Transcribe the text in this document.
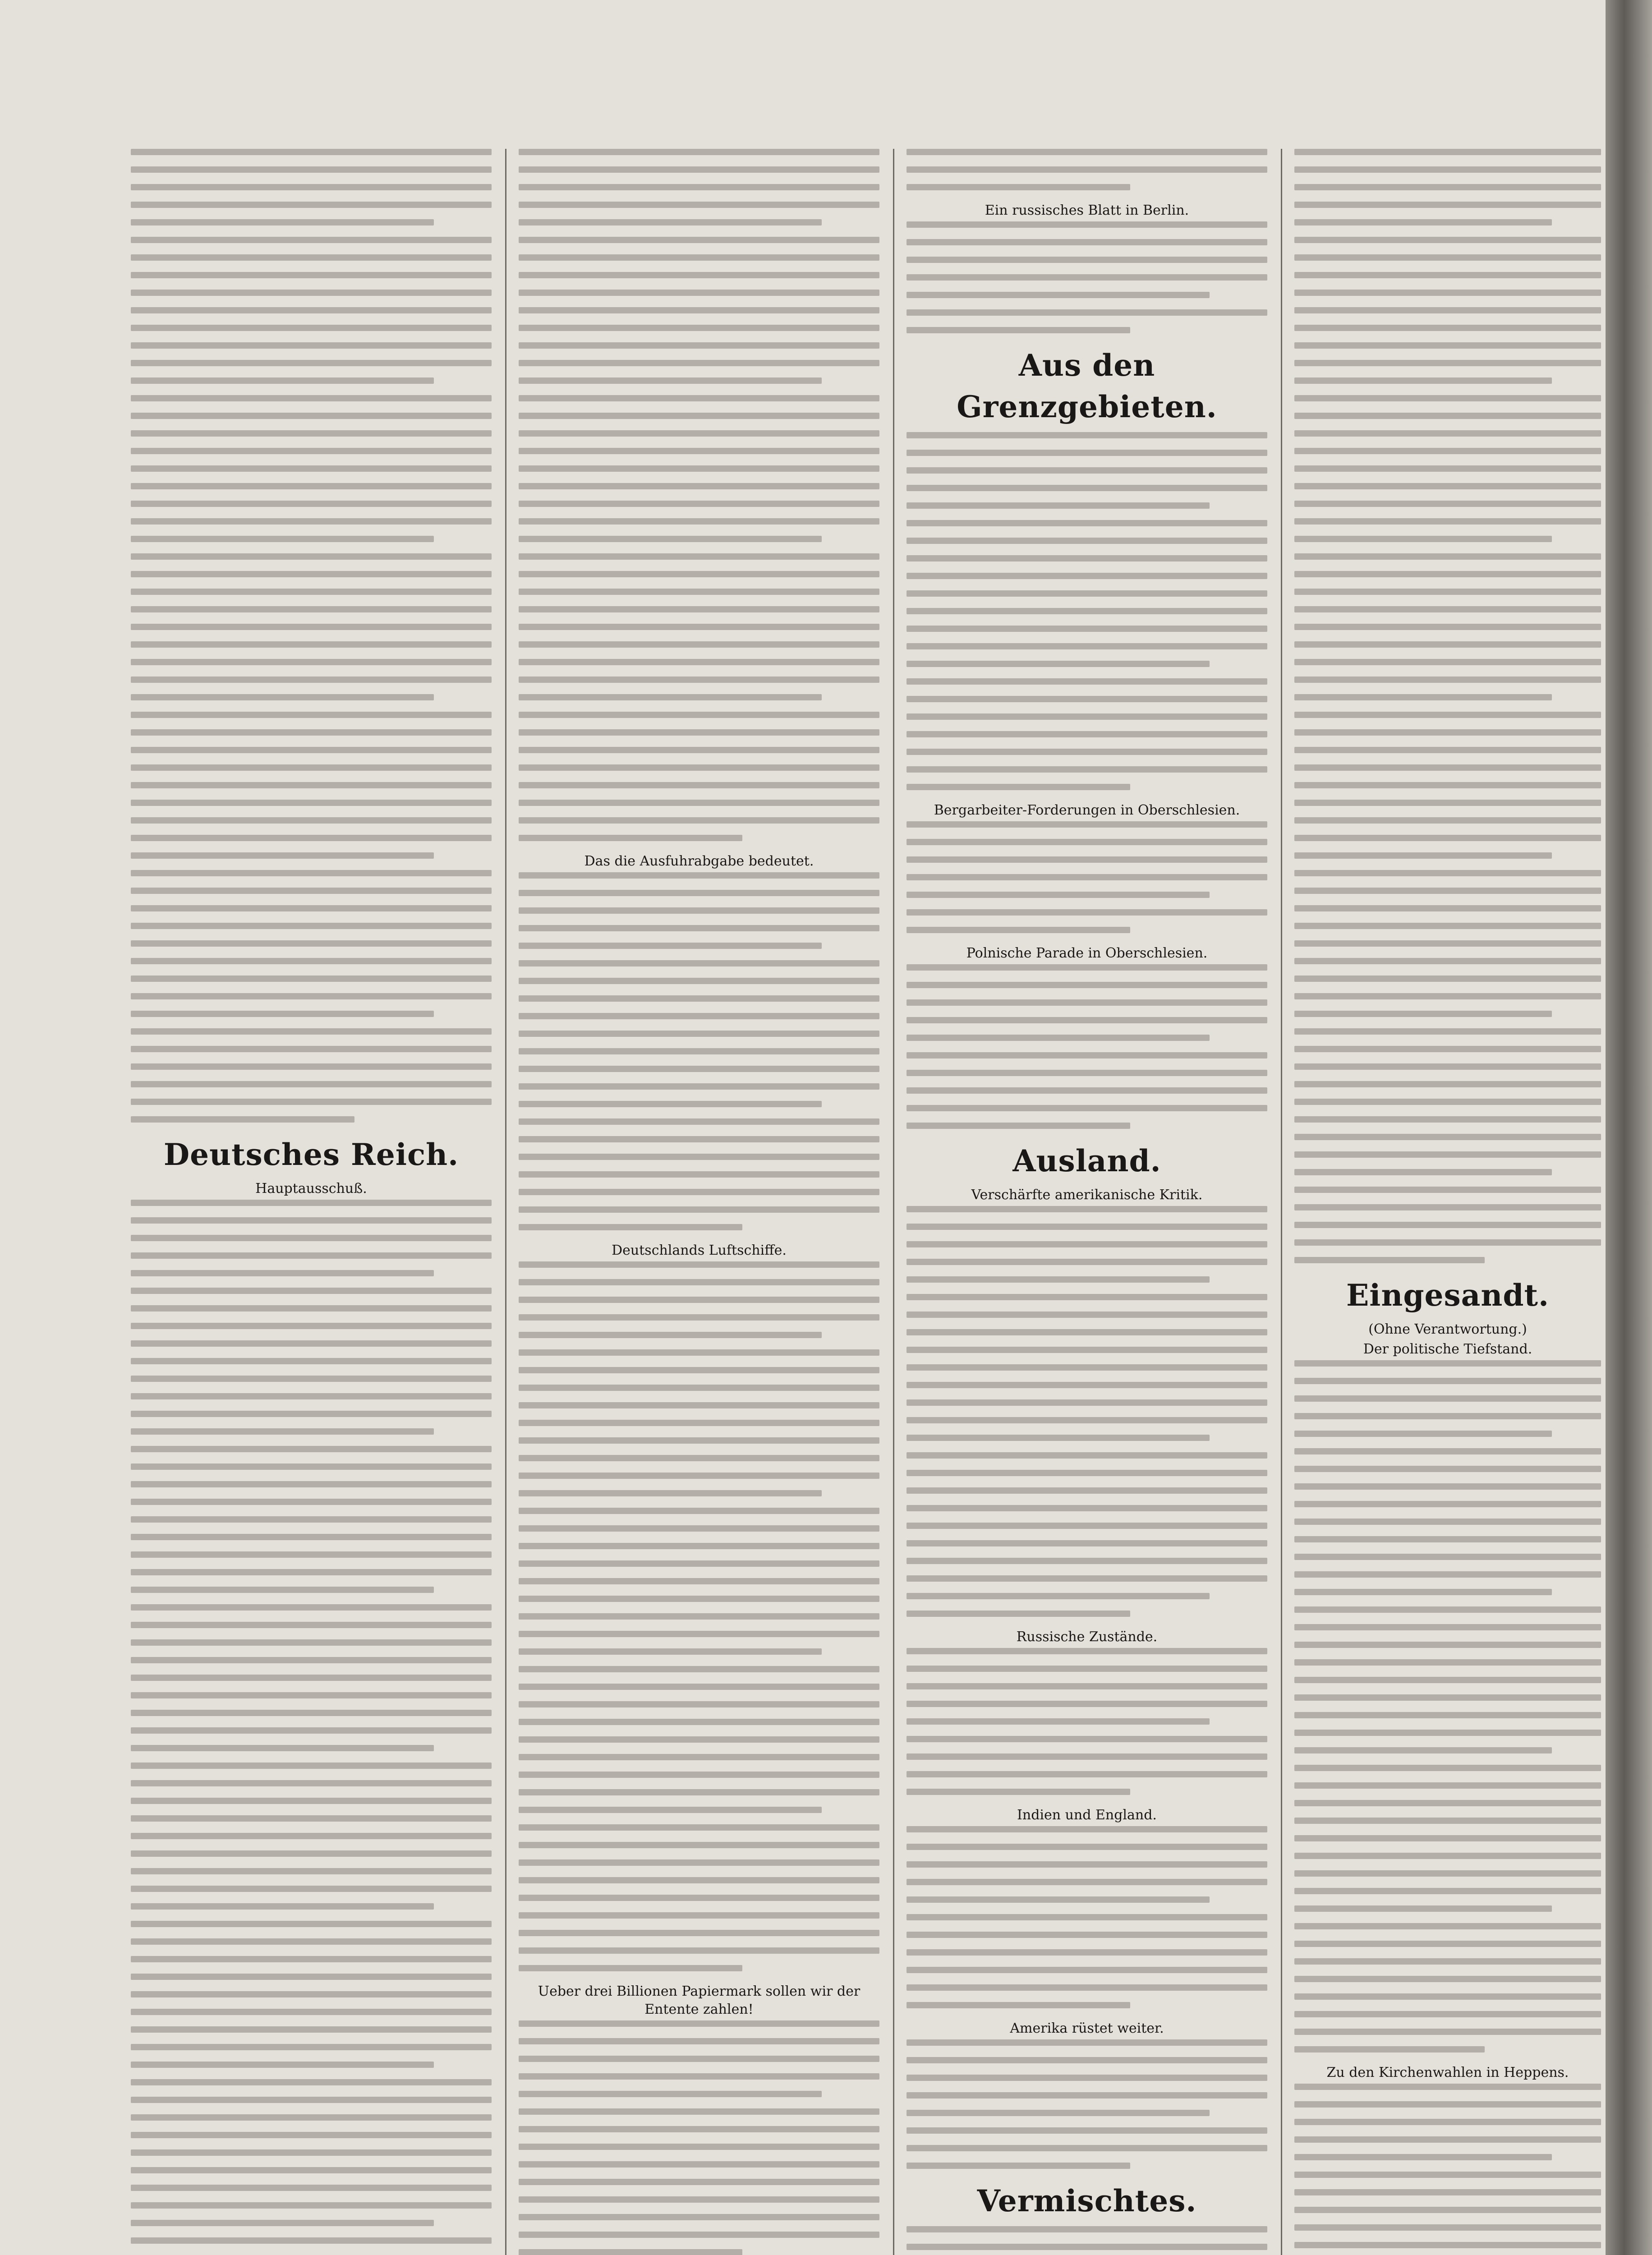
Deutsches Reich.
Hauptausschuß.
Das die Ausfuhrabgabe bedeutet.
Deutschlands Luftschiffe.
Ueber drei Billionen Papiermark sollen wir der Entente zahlen!
Ein russisches Blatt in Berlin.
Aus den Grenzgebieten.
Bergarbeiter-Forderungen in Oberschlesien.
Polnische Parade in Oberschlesien.
Ausland.
Verschärfte amerikanische Kritik.
Russische Zustände.
Indien und England.
Amerika rüstet weiter.
Vermischtes.
Eingesandt.
(Ohne Verantwortung.)
Der politische Tiefstand.
Zu den Kirchenwahlen in Heppens.
